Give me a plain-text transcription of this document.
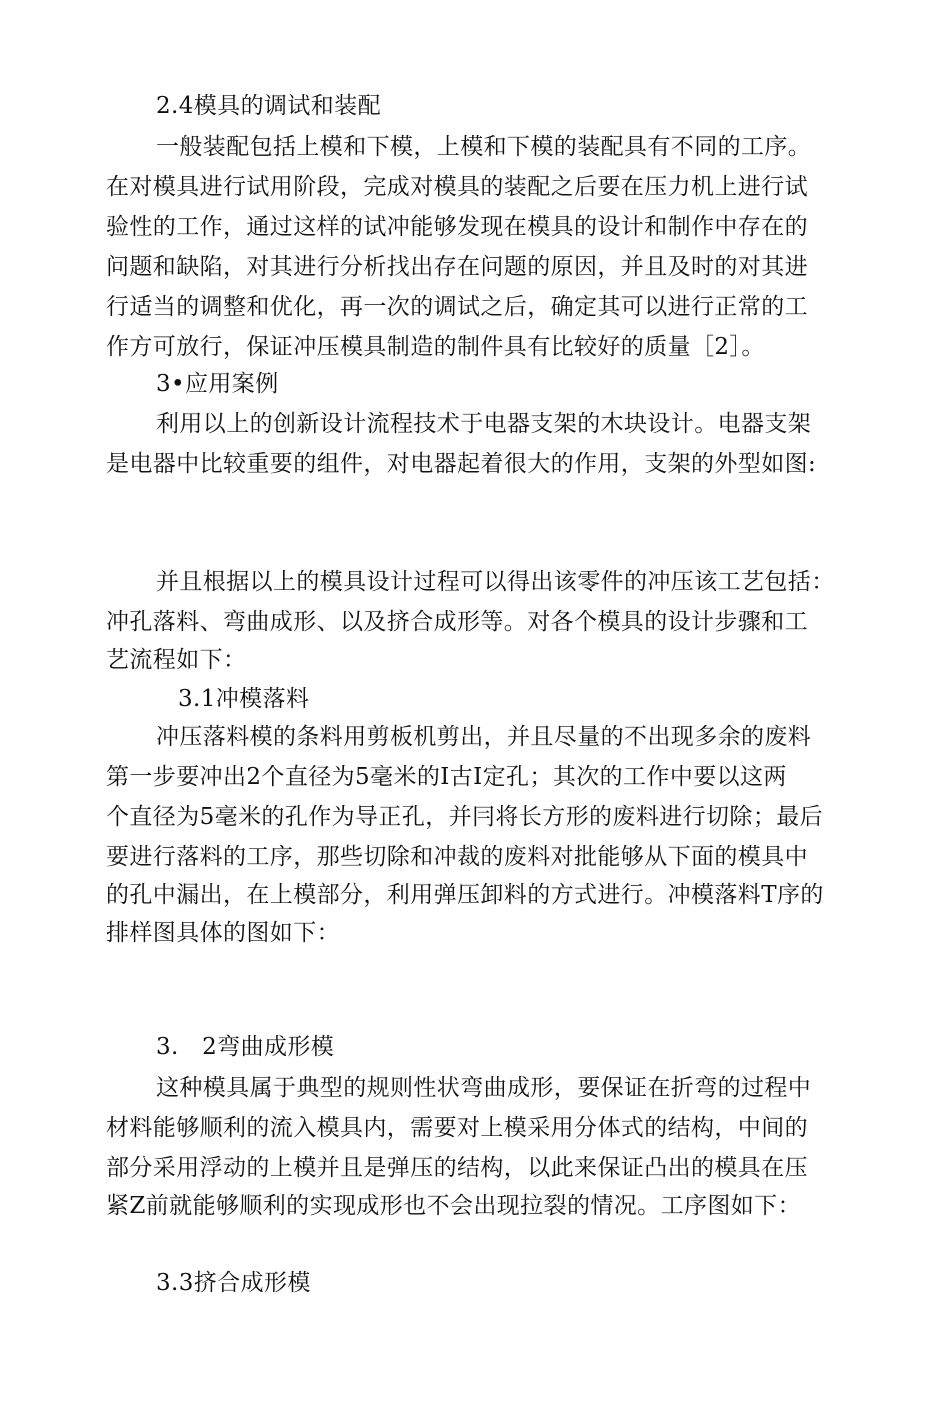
2.4模具的调试和装配
一般装配包括上模和下模，上模和下模的装配具有不同的工序。
在对模具进行试用阶段，完成对模具的装配之后要在压力机上进行试
验性的工作，通过这样的试冲能够发现在模具的设计和制作中存在的
问题和缺陷，对其进行分析找出存在问题的原因，并且及时的对其进
行适当的调整和优化，再一次的调试之后，确定其可以进行正常的工
作方可放行，保证冲压模具制造的制件具有比较好的质量［2］。
3•应用案例
利用以上的创新设计流程技术于电器支架的木块设计。电器支架
是电器中比较重要的组件，对电器起着很大的作用，支架的外型如图:
并且根据以上的模具设计过程可以得出该零件的冲压该工艺包括：
冲孔落料、弯曲成形、以及挤合成形等。对各个模具的设计步骤和工
艺流程如下：
3.1冲模落料
冲压落料模的条料用剪板机剪出，并且尽量的不出现多余的废料
第一步要冲出2个直径为5毫米的I古I定孔；其次的工作中要以这两
个直径为5毫米的孔作为导正孔，并冃将长方形的废料进行切除；最后
要进行落料的工序，那些切除和冲裁的废料对批能够从下面的模具中
的孔中漏出，在上模部分，利用弹压卸料的方式进行。冲模落料T序的
排样图具体的图如下：
3.　2弯曲成形模
这种模具属于典型的规则性状弯曲成形，要保证在折弯的过程中
材料能够顺利的流入模具内，需要对上模采用分体式的结构，中间的
部分采用浮动的上模并且是弹压的结构，以此来保证凸出的模具在压
紧Z前就能够顺利的实现成形也不会出现拉裂的情况。工序图如下：
3.3挤合成形模
